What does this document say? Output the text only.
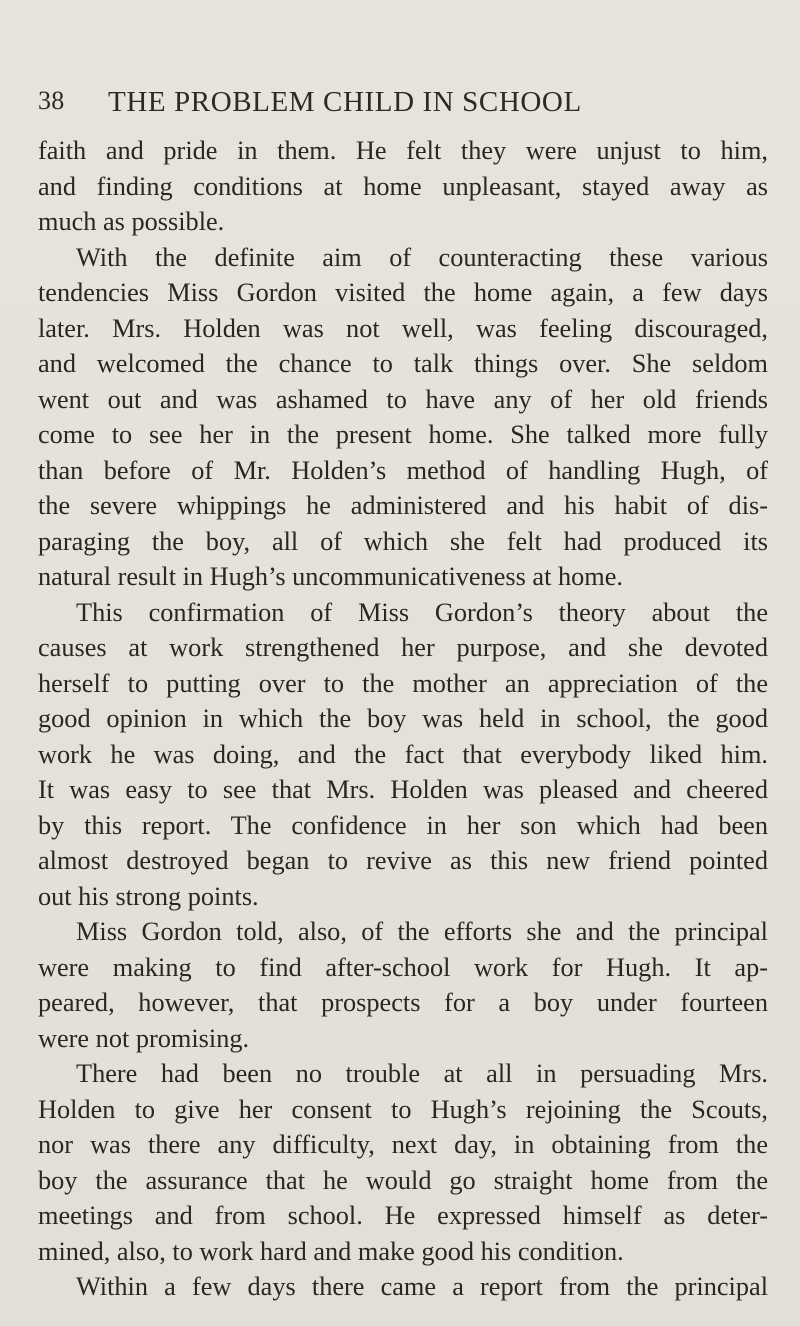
38 THE PROBLEM CHILD IN SCHOOL
faith and pride in them. He felt they were unjust to him,
and finding conditions at home unpleasant, stayed away as
much as possible.
With the definite aim of counteracting these various
tendencies Miss Gordon visited the home again, a few days
later. Mrs. Holden was not well, was feeling discouraged,
and welcomed the chance to talk things over. She seldom
went out and was ashamed to have any of her old friends
come to see her in the present home. She talked more fully
than before of Mr. Holden’s method of handling Hugh, of
the severe whippings he administered and his habit of dis-
paraging the boy, all of which she felt had produced its
natural result in Hugh’s uncommunicativeness at home.
This confirmation of Miss Gordon’s theory about the
causes at work strengthened her purpose, and she devoted
herself to putting over to the mother an appreciation of the
good opinion in which the boy was held in school, the good
work he was doing, and the fact that everybody liked him.
It was easy to see that Mrs. Holden was pleased and cheered
by this report. The confidence in her son which had been
almost destroyed began to revive as this new friend pointed
out his strong points.
Miss Gordon told, also, of the efforts she and the principal
were making to find after-school work for Hugh. It ap-
peared, however, that prospects for a boy under fourteen
were not promising.
There had been no trouble at all in persuading Mrs.
Holden to give her consent to Hugh’s rejoining the Scouts,
nor was there any difficulty, next day, in obtaining from the
boy the assurance that he would go straight home from the
meetings and from school. He expressed himself as deter-
mined, also, to work hard and make good his condition.
Within a few days there came a report from the principal
